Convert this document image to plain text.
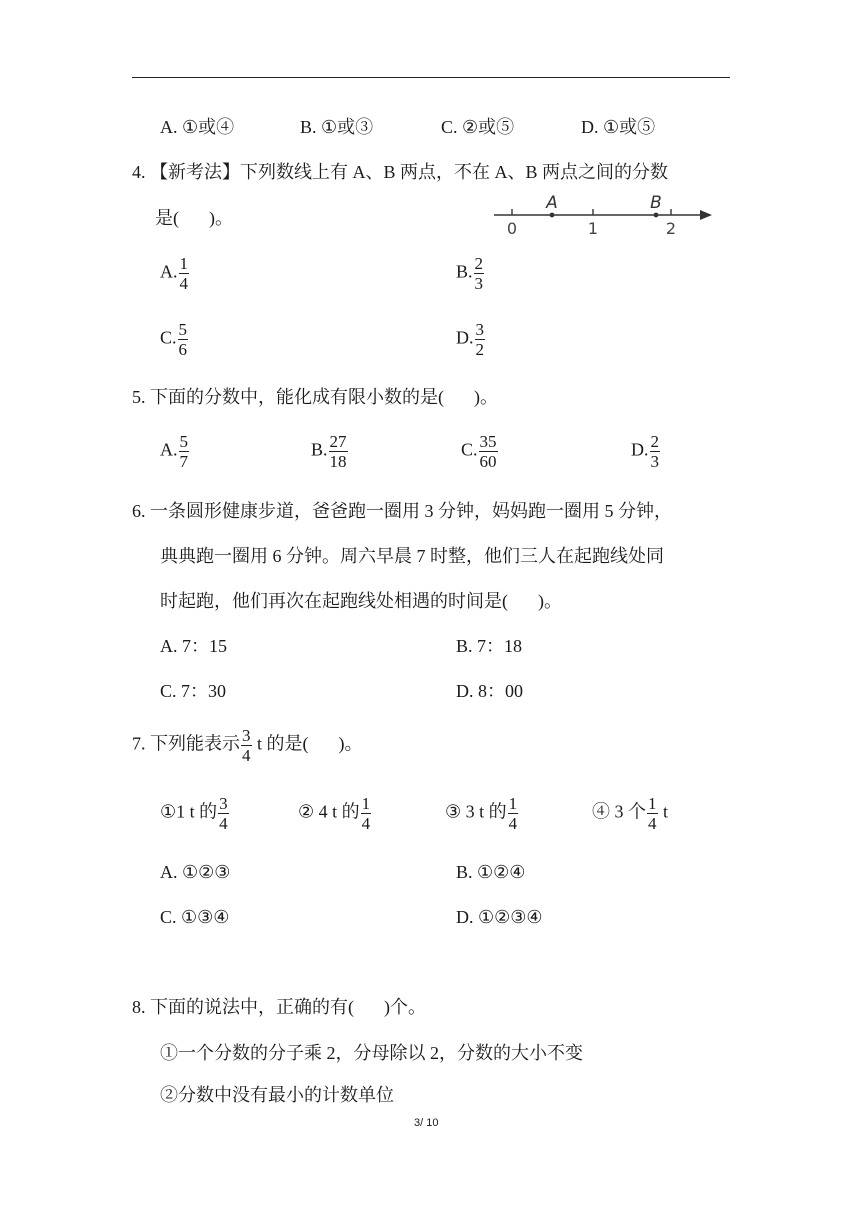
A. ①或④	B. ①或③	C. ②或⑤	D. ①或⑤
4. 【新考法】下列数线上有 A、B 两点，不在 A、B 两点之间的分数
是( )。
A	B
0	1	2
A. $\frac{1}{4}$	B. $\frac{2}{3}$
C. $\frac{5}{6}$	D. $\frac{3}{2}$
5. 下面的分数中，能化成有限小数的是( )。
A. $\frac{5}{7}$	B. $\frac{27}{18}$	C. $\frac{35}{60}$	D. $\frac{2}{3}$
6. 一条圆形健康步道，爸爸跑一圈用 3 分钟，妈妈跑一圈用 5 分钟，
典典跑一圈用 6 分钟。周六早晨 7 时整，他们三人在起跑线处同
时起跑，他们再次在起跑线处相遇的时间是( )。
A. 7：15	B. 7：18
C. 7：30	D. 8：00
7. 下列能表示 $\frac{3}{4}$ t 的是( )。
①1 t 的 $\frac{3}{4}$	② 4 t 的 $\frac{1}{4}$	③ 3 t 的 $\frac{1}{4}$	④ 3 个 $\frac{1}{4}$ t
A. ①②③	B. ①②④
C. ①③④	D. ①②③④
8. 下面的说法中，正确的有( )个。
①一个分数的分子乘 2，分母除以 2，分数的大小不变
②分数中没有最小的计数单位
3/ 10
